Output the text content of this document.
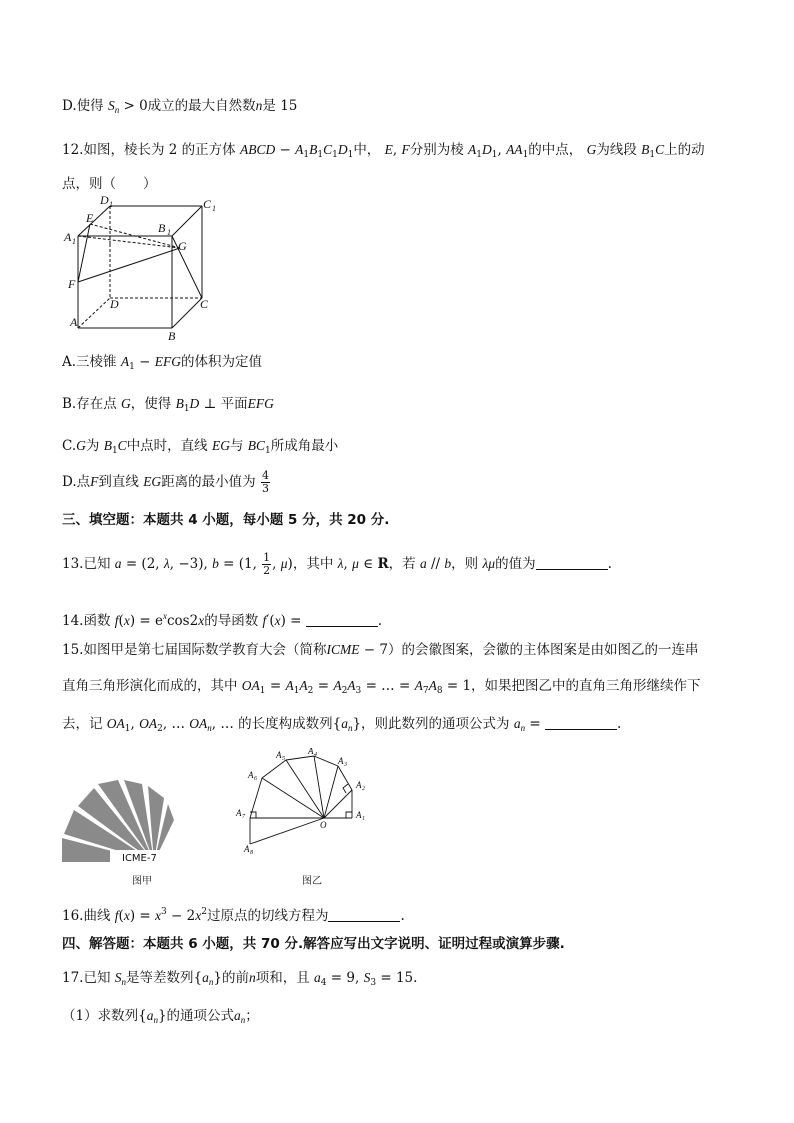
D.使得 $S_n > 0$成立的最大自然数n是 15
12.如图，棱长为 2 的正方体 ABCD − $A_1B_1C_1D_1$中， E, F分别为棱 $A_1D_1$, $AA_1$的中点， G为线段 $B_1C$上的动
点，则（　　）
D 1	C 1
E
A 1
B 1
G
F
D	C
A
B
A.三棱锥 $A_1$ − EFG的体积为定值
B.存在点 G，使得 $B_1D$ ⊥ 平面EFG
C.G为 $B_1C$中点时，直线 EG与 $BC_1$所成角最小
D.点F到直线 EG距离的最小值为 $\frac{4}{3}$
三、填空题：本题共 4 小题，每小题 5 分，共 20 分.
13.已知 a = (2, λ, −3), b = (1, $\frac{1}{2}$ , μ)，其中 λ, μ ∈ R，若 a // b，则 λμ的值为	.
14.函数 $f(x) = e^x\cos 2x$的导函数 f′(x) =	.
15.如图甲是第七届国际数学教育大会（简称ICME − 7）的会徽图案，会徽的主体图案是由如图乙的一连串
直角三角形演化而成的，其中 $OA_1 = A_1A_2 = A_2A_3$ = … = $A_7A_8 = 1$，如果把图乙中的直角三角形继续作下
去，记 $OA_1$, $OA_2$, … $OA_n$, … 的长度构成数列$\{a_n\}$，则此数列的通项公式为 $a_n$ =	.
ICME-7
图甲
A 8
A 7
A 6
A 5
A 4
A 3
A 2
A 1
O
图乙
16.曲线 $f(x) = x^3 - 2x^2$过原点的切线方程为	.
四、解答题：本题共 6 小题，共 70 分.解答应写出文字说明、证明过程或演算步骤.
17.已知 $S_n$是等差数列$\{a_n\}$的前n项和，且 $a_4 = 9$, $S_3 = 15$.
（1）求数列$\{a_n\}$的通项公式$a_n$；
